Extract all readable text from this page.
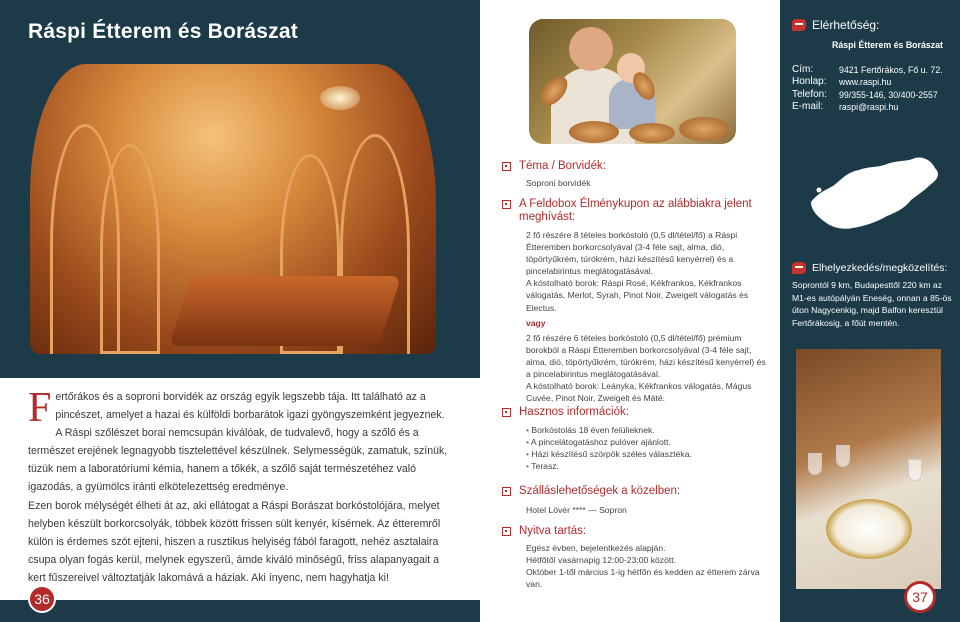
Ráspi Étterem és Borászat
F ertőrákos és a soproni borvidék az ország egyik legszebb tája. Itt található az a pincészet, amelyet a hazai és külföldi borbarátok igazi gyöngyszemként jegyeznek. A Ráspi szőlészet borai nemcsupán kiválóak, de tudvalevő, hogy a szőlő és a természet erejének legnagyobb tisztelettével készülnek. Selymességük, zamatuk, színük, tüzük nem a laboratóriumi kémia, hanem a tőkék, a szőlő saját természetéhez való igazodás, a gyümölcs iránti elkötelezettség eredménye.

Ezen borok mélységét élheti át az, aki ellátogat a Ráspi Borászat borkóstolójára, melyet helyben készült borkorcsolyák, többek között frissen sült kenyér, kísérnek. Az étteremről külön is érdemes szót ejteni, hiszen a rusztikus helyiség fából faragott, nehéz asztalaira csupa olyan fogás kerül, melynek egyszerű, ámde kiváló minőségű, friss alapanyagait a kert fűszereivel változtatják lakomává a háziak. Aki ínyenc, nem hagyhatja ki!

36
Téma / Borvidék:
Soproni borvidék
A Feldobox Élménykupon az alábbiakra jelent meghívást:
2 fő részére 8 tételes borkóstoló (0,5 dl/tétel/fő) a Ráspi Étteremben borkorcsolyával (3-4 féle sajt, alma, dió, töpörtyűkrém, túrókrém, házi készítésű kenyérrel) és a pincelabirintus meglátogatásával.
A kóstolható borok: Ráspi Rosé, Kékfrankos, Kékfrankos válogatás, Merlot, Syrah, Pinot Noir, Zweigelt válogatás és Electus.
vagy
2 fő részére 6 tételes borkóstoló (0,5 dl/tétel/fő) prémium borokból a Ráspi Étteremben borkorcsolyával (3-4 féle sajt, alma, dió, töpörtyűkrém, túrókrém, házi készítésű kenyérrel) és a pincelabirintus meglátogatásával.
A kóstolható borok: Leányka, Kékfrankos válogatás, Mágus Cuvée, Pinot Noir, Zweigelt és Máté.
Hasznos információk:
• Borkóstolás 18 éven felülieknek.
• A pincelátogatáshoz pulóver ajánlott.
• Házi készítésű szörpök széles választéka.
• Terasz.
Szálláslehetőségek a közelben:
Hotel Lövér **** — Sopron
Nyitva tartás:
Egész évben, bejelentkezés alapján.
Hétfőtől vasárnapig 12:00-23:00 között.
Október 1-től március 1-ig hétfőn és kedden az étterem zárva van.
Elérhetőség:
Ráspi Étterem és Borászat
Cím:	9421 Fertőrákos, Fő u. 72.
Honlap:	www.raspi.hu
Telefon:	99/355-146, 30/400-2557
E-mail:	raspi@raspi.hu
Elhelyezkedés/megközelítés:
Soprontól 9 km, Budapesttől 220 km az M1-es autópályán Eneség, onnan a 85-ös úton Nagycenkig, majd Balfon keresztül Fertőrákosig, a főút mentén.
37
